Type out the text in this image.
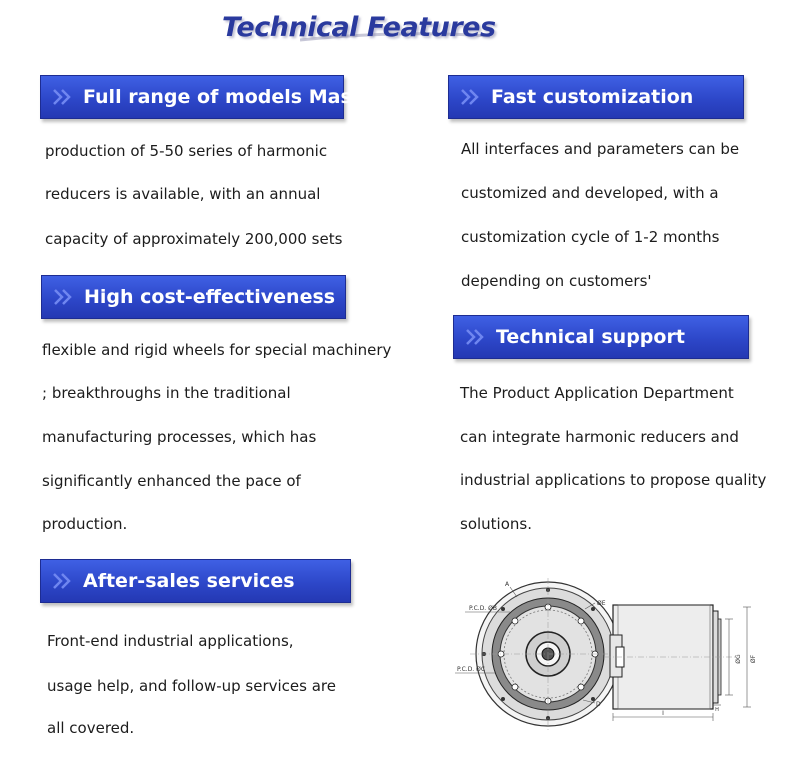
Technical Features
Full range of models Mass
production of 5-50 series of harmonic
reducers is available, with an annual
capacity of approximately 200,000 sets
Fast customization
All interfaces and parameters can be
customized and developed, with a
customization cycle of 1-2 months
depending on customers'
High cost-effectiveness
flexible and rigid wheels for special machinery
; breakthroughs in the traditional
manufacturing processes, which has
significantly enhanced the pace of
production.
Technical support
The Product Application Department
can integrate harmonic reducers and
industrial applications to propose quality
solutions.
After-sales services
Front-end industrial applications,
usage help, and follow-up services are
all covered.
A
P.C.D. ØB
P.C.D. ØC
ØE
D
I	H
ØG ØF
